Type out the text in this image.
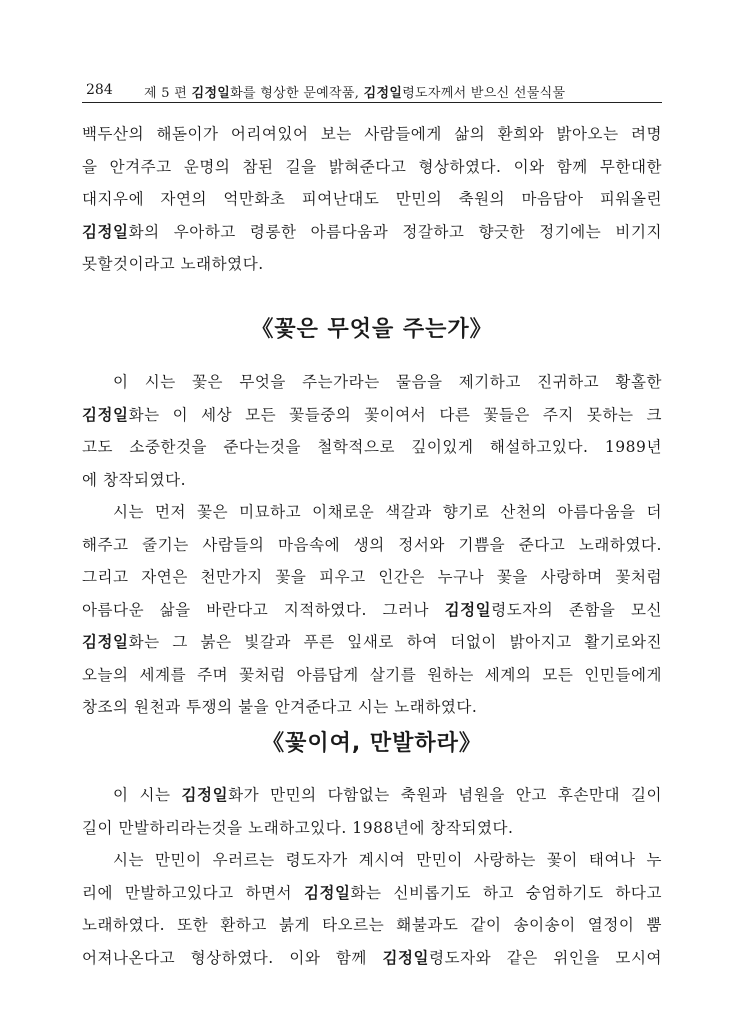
284 제 5 편 김정일화를 형상한 문예작품, 김정일령도자께서 받으신 선물식물
백두산의 해돋이가 어리여있어 보는 사람들에게 삶의 환희와 밝아오는 려명
을 안겨주고 운명의 참된 길을 밝혀준다고 형상하였다. 이와 함께 무한대한
대지우에 자연의 억만화초 피여난대도 만민의 축원의 마음담아 피워올린
김정일화의 우아하고 령롱한 아름다움과 정갈하고 향긋한 정기에는 비기지
못할것이라고 노래하였다.
《꽃은 무엇을 주는가》
이 시는 꽃은 무엇을 주는가라는 물음을 제기하고 진귀하고 황홀한
김정일화는 이 세상 모든 꽃들중의 꽃이여서 다른 꽃들은 주지 못하는 크
고도 소중한것을 준다는것을 철학적으로 깊이있게 해설하고있다. 1989년
에 창작되였다.
시는 먼저 꽃은 미묘하고 이채로운 색갈과 향기로 산천의 아름다움을 더
해주고 줄기는 사람들의 마음속에 생의 정서와 기쁨을 준다고 노래하였다.
그리고 자연은 천만가지 꽃을 피우고 인간은 누구나 꽃을 사랑하며 꽃처럼
아름다운 삶을 바란다고 지적하였다. 그러나 김정일령도자의 존함을 모신
김정일화는 그 붉은 빛갈과 푸른 잎새로 하여 더없이 밝아지고 활기로와진
오늘의 세계를 주며 꽃처럼 아름답게 살기를 원하는 세계의 모든 인민들에게
창조의 원천과 투쟁의 불을 안겨준다고 시는 노래하였다.
《꽃이여, 만발하라》
이 시는 김정일화가 만민의 다함없는 축원과 념원을 안고 후손만대 길이
길이 만발하리라는것을 노래하고있다. 1988년에 창작되였다.
시는 만민이 우러르는 령도자가 계시여 만민이 사랑하는 꽃이 태여나 누
리에 만발하고있다고 하면서 김정일화는 신비롭기도 하고 숭엄하기도 하다고
노래하였다. 또한 환하고 붉게 타오르는 홰불과도 같이 송이송이 열정이 뿜
어져나온다고 형상하였다. 이와 함께 김정일령도자와 같은 위인을 모시여
